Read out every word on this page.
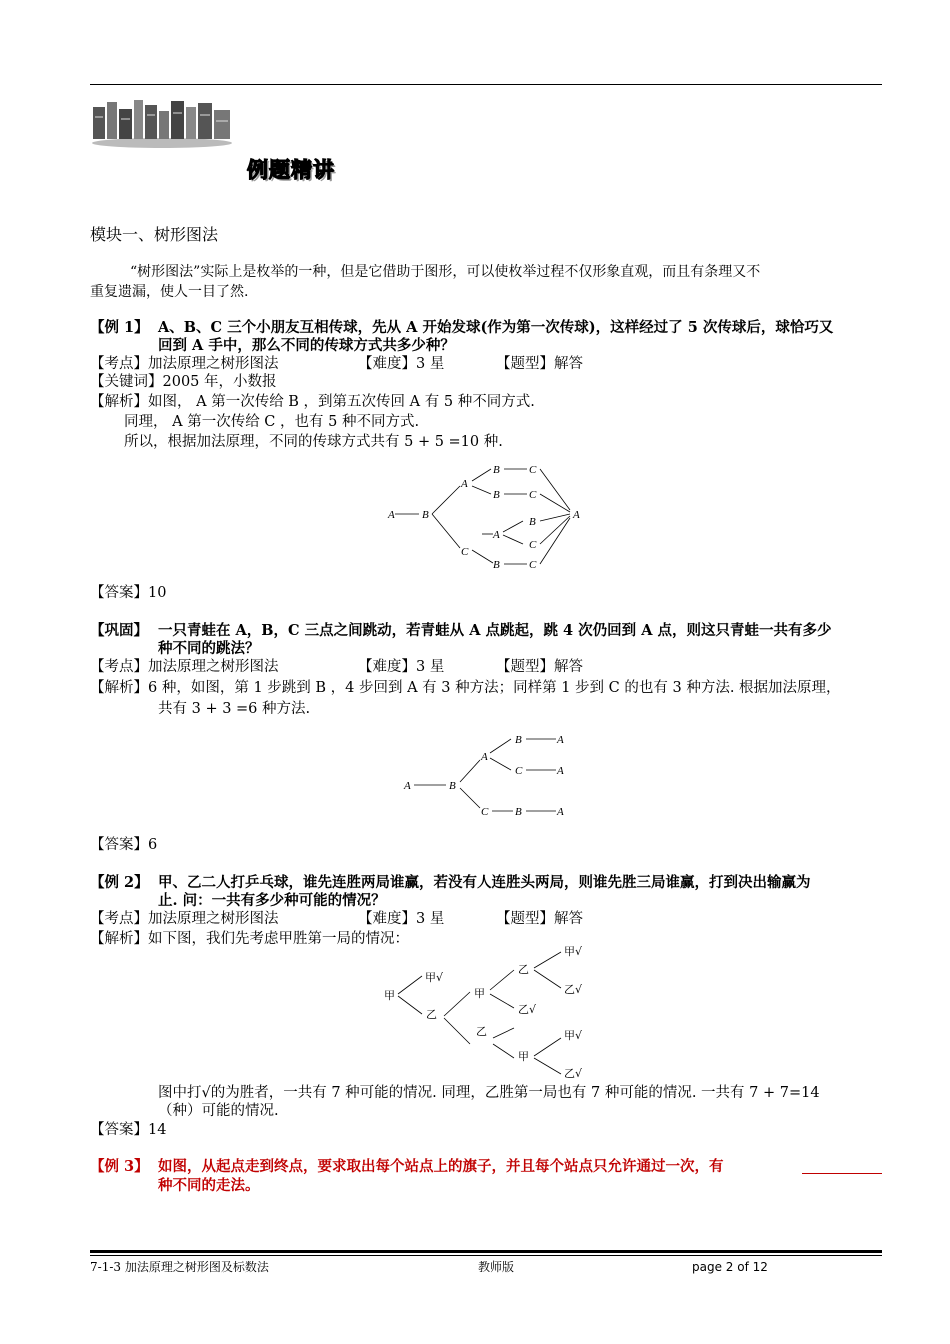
例题精讲
模块一、树形图法
“树形图法”实际上是枚举的一种，但是它借助于图形，可以使枚举过程不仅形象直观，而且有条理又不
重复遗漏，使人一目了然.
【例 1】 A、B、C 三个小朋友互相传球，先从 A 开始发球(作为第一次传球)，这样经过了 5 次传球后，球恰巧又
回到 A 手中，那么不同的传球方式共多少种？
【考点】加法原理之树形图法	【难度】3 星	【题型】解答
【关键词】2005 年，小数报
【解析】如图， A 第一次传给 B ，到第五次传回 A 有 5 种不同方式.
同理， A 第一次传给 C ，也有 5 种不同方式.
所以，根据加法原理，不同的传球方式共有 5 + 5 =10 种.
A B
A
C
B	C
B	C
A
B
C
B	C
A
【答案】10
【巩固】 一只青蛙在 A，B，C 三点之间跳动，若青蛙从 A 点跳起，跳 4 次仍回到 A 点，则这只青蛙一共有多少
种不同的跳法？
【考点】加法原理之树形图法	【难度】3 星	【题型】解答
【解析】6 种，如图，第 1 步跳到 B ，4 步回到 A 有 3 种方法；同样第 1 步到 C 的也有 3 种方法. 根据加法原理，
共有 3 + 3 =6 种方法.
A	B
A
B	A
C	A
C B	A
【答案】6
【例 2】 甲、乙二人打乒乓球，谁先连胜两局谁赢，若没有人连胜头两局，则谁先胜三局谁赢，打到决出输赢为
止. 问：一共有多少种可能的情况？
【考点】加法原理之树形图法	【难度】3 星	【题型】解答
【解析】如下图，我们先考虑甲胜第一局的情况：
甲
甲√
乙
甲
乙
甲√
乙√
乙
乙√
甲
甲√
乙√
图中打√的为胜者，一共有 7 种可能的情况. 同理，乙胜第一局也有 7 种可能的情况. 一共有 7 + 7=14
（种）可能的情况.
【答案】14
【例 3】 如图，从起点走到终点，要求取出每个站点上的旗子，并且每个站点只允许通过一次，有
种不同的走法。
7-1-3 加法原理之树形图及标数法	教师版	page 2 of 12
